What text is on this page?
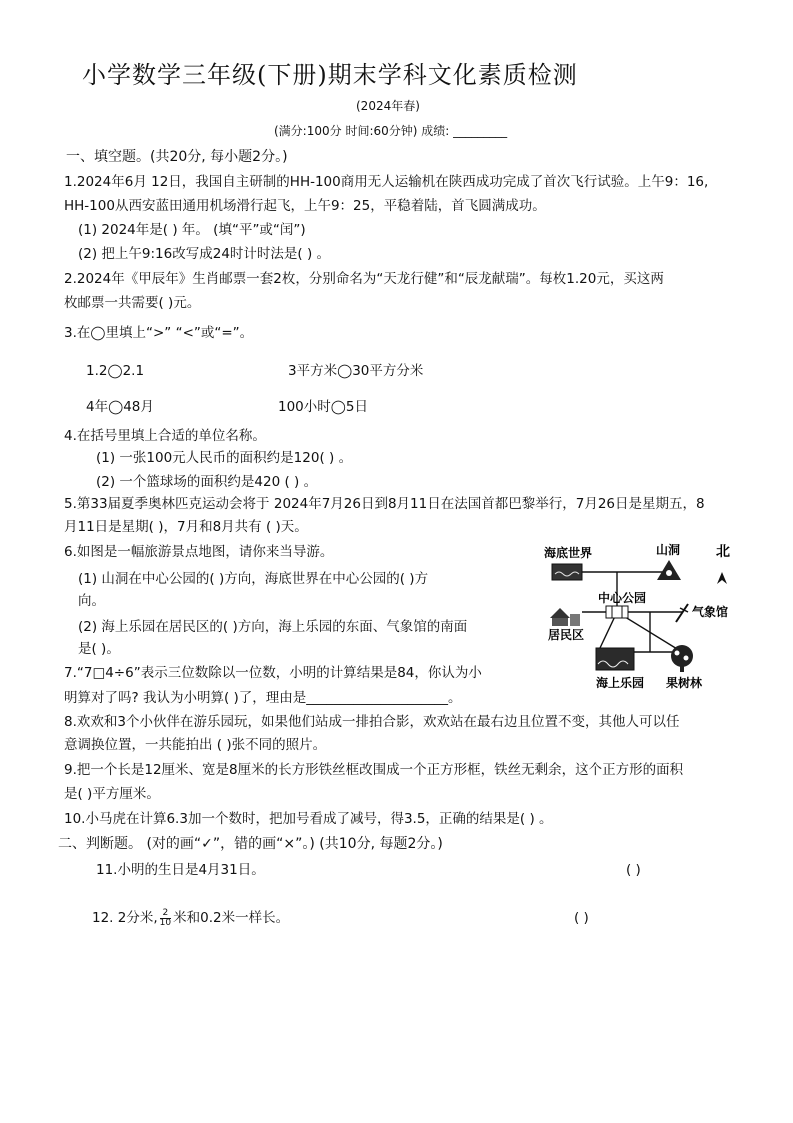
小学数学三年级(下册)期末学科文化素质检测
(2024年春)
(满分:100分 时间:60分钟) 成绩: _________
一、填空题。(共20分, 每小题2分。)
1.2024年6月 12日，我国自主研制的HH-100商用无人运输机在陕西成功完成了首次飞行试验。上午9：16,
HH-100从西安蓝田通用机场滑行起飞，上午9：25，平稳着陆，首飞圆满成功。
(1) 2024年是( ) 年。 (填“平”或“闰”)
(2) 把上午9:16改写成24时计时法是( ) 。
2.2024年《甲辰年》生肖邮票一套2枚，分别命名为“天龙行健”和“辰龙献瑞”。每枚1.20元，买这两
枚邮票一共需要( )元。
3.在◯里填上“>” “<”或“=”。
1.2◯2.1	3平方米◯30平方分米
4年◯48月	100小时◯5日
4.在括号里填上合适的单位名称。
(1) 一张100元人民币的面积约是120( ) 。
(2) 一个篮球场的面积约是420 ( ) 。
5.第33届夏季奥林匹克运动会将于 2024年7月26日到8月11日在法国首都巴黎举行，7月26日是星期五，8
月11日是星期( )，7月和8月共有 ( )天。
6.如图是一幅旅游景点地图，请你来当导游。
(1) 山洞在中心公园的( )方向，海底世界在中心公园的( )方
向。
(2) 海上乐园在居民区的( )方向，海上乐园的东面、气象馆的南面
是( )。
7.“7□4÷6”表示三位数除以一位数，小明的计算结果是84，你认为小
明算对了吗? 我认为小明算( )了，理由是_____________________。
8.欢欢和3个小伙伴在游乐园玩，如果他们站成一排拍合影，欢欢站在最右边且位置不变，其他人可以任
意调换位置，一共能拍出 ( )张不同的照片。
9.把一个长是12厘米、宽是8厘米的长方形铁丝框改围成一个正方形框，铁丝无剩余，这个正方形的面积
是( )平方厘米。
10.小马虎在计算6.3加一个数时，把加号看成了减号，得3.5，正确的结果是( ) 。
二、判断题。 (对的画“✓”，错的画“×”。) (共10分, 每题2分。)
11.小明的生日是4月31日。	( )
12. 2分米, $\frac{2}{10}$ 米和0.2米一样长。	( )
海底世界	山洞	北
中心公园
气象馆
居民区
海上乐园 果树林
